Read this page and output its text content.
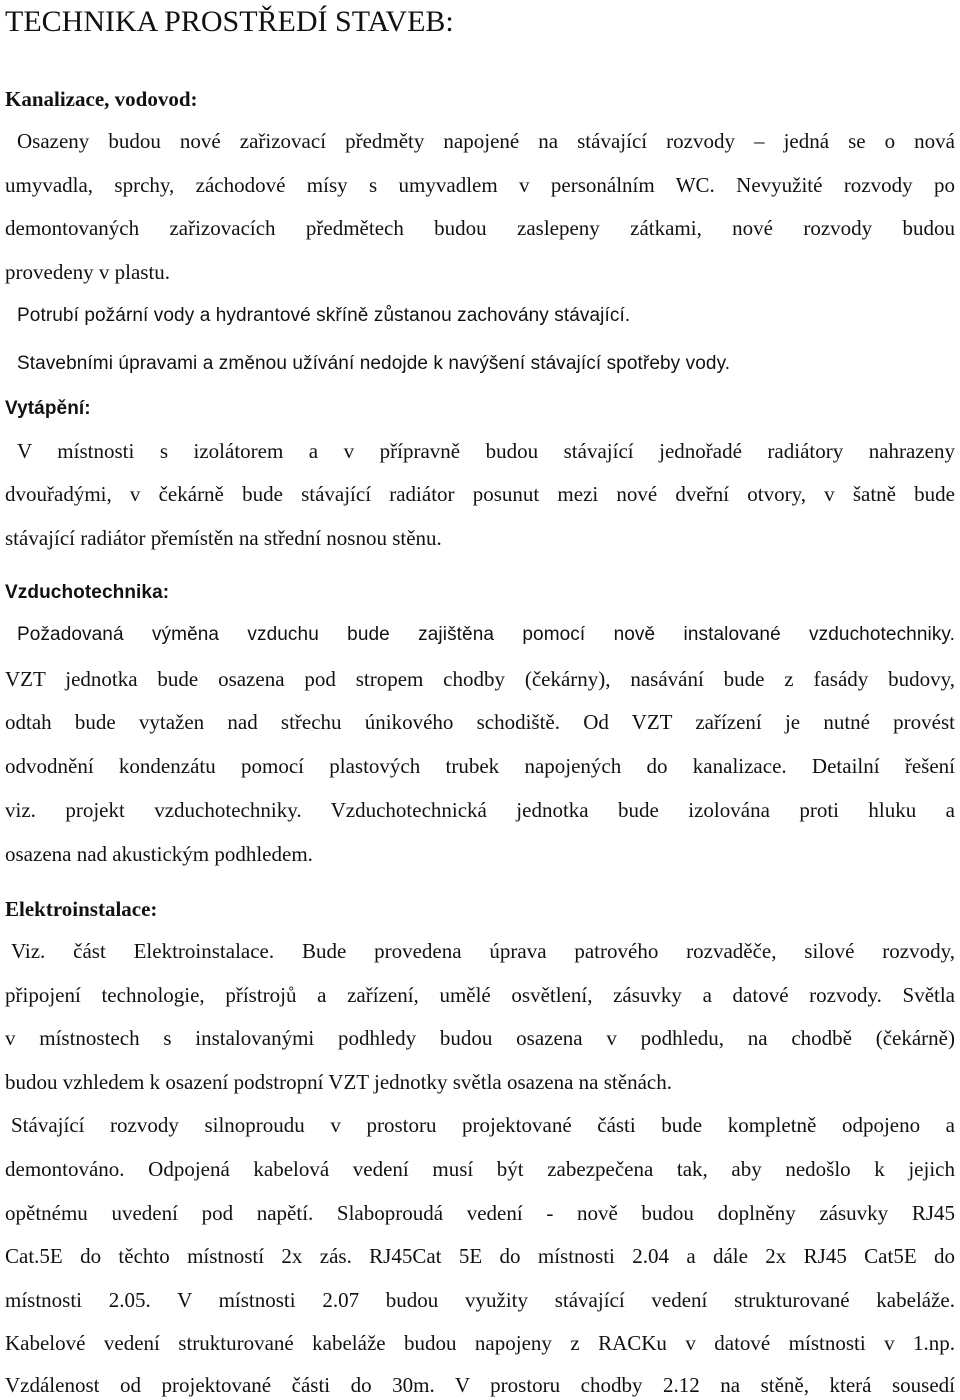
TECHNIKA PROSTŘEDÍ STAVEB:
Kanalizace, vodovod:
Osazeny budou nové zařizovací předměty napojené na stávající rozvody – jedná se o nová
umyvadla, sprchy, záchodové mísy s umyvadlem v personálním WC. Nevyužité rozvody po
demontovaných zařizovacích předmětech budou zaslepeny zátkami, nové rozvody budou
provedeny v plastu.
Potrubí požární vody a hydrantové skříně zůstanou zachovány stávající.
Stavebními úpravami a změnou užívání nedojde k navýšení stávající spotřeby vody.
Vytápění:
V místnosti s izolátorem a v přípravně budou stávající jednořadé radiátory nahrazeny
dvouřadými, v čekárně bude stávající radiátor posunut mezi nové dveřní otvory, v šatně bude
stávající radiátor přemístěn na střední nosnou stěnu.
Vzduchotechnika:
Požadovaná výměna vzduchu bude zajištěna pomocí nově instalované vzduchotechniky.
VZT jednotka bude osazena pod stropem chodby (čekárny), nasávání bude z fasády budovy,
odtah bude vytažen nad střechu únikového schodiště. Od VZT zařízení je nutné provést
odvodnění kondenzátu pomocí plastových trubek napojených do kanalizace. Detailní řešení
viz. projekt vzduchotechniky. Vzduchotechnická jednotka bude izolována proti hluku a
osazena nad akustickým podhledem.
Elektroinstalace:
Viz. část Elektroinstalace. Bude provedena úprava patrového rozvaděče, silové rozvody,
připojení technologie, přístrojů a zařízení, umělé osvětlení, zásuvky a datové rozvody. Světla
v místnostech s instalovanými podhledy budou osazena v podhledu, na chodbě (čekárně)
budou vzhledem k osazení podstropní VZT jednotky světla osazena na stěnách.
Stávající rozvody silnoproudu v prostoru projektované části bude kompletně odpojeno a
demontováno. Odpojená kabelová vedení musí být zabezpečena tak, aby nedošlo k jejich
opětnému uvedení pod napětí. Slaboproudá vedení - nově budou doplněny zásuvky RJ45
Cat.5E do těchto místností 2x zás. RJ45Cat 5E do místnosti 2.04 a dále 2x RJ45 Cat5E do
místnosti 2.05. V místnosti 2.07 budou využity stávající vedení strukturované kabeláže.
Kabelové vedení strukturované kabeláže budou napojeny z RACKu v datové místnosti v 1.np.
Vzdálenost od projektované části do 30m. V prostoru chodby 2.12 na stěně, která sousedí
